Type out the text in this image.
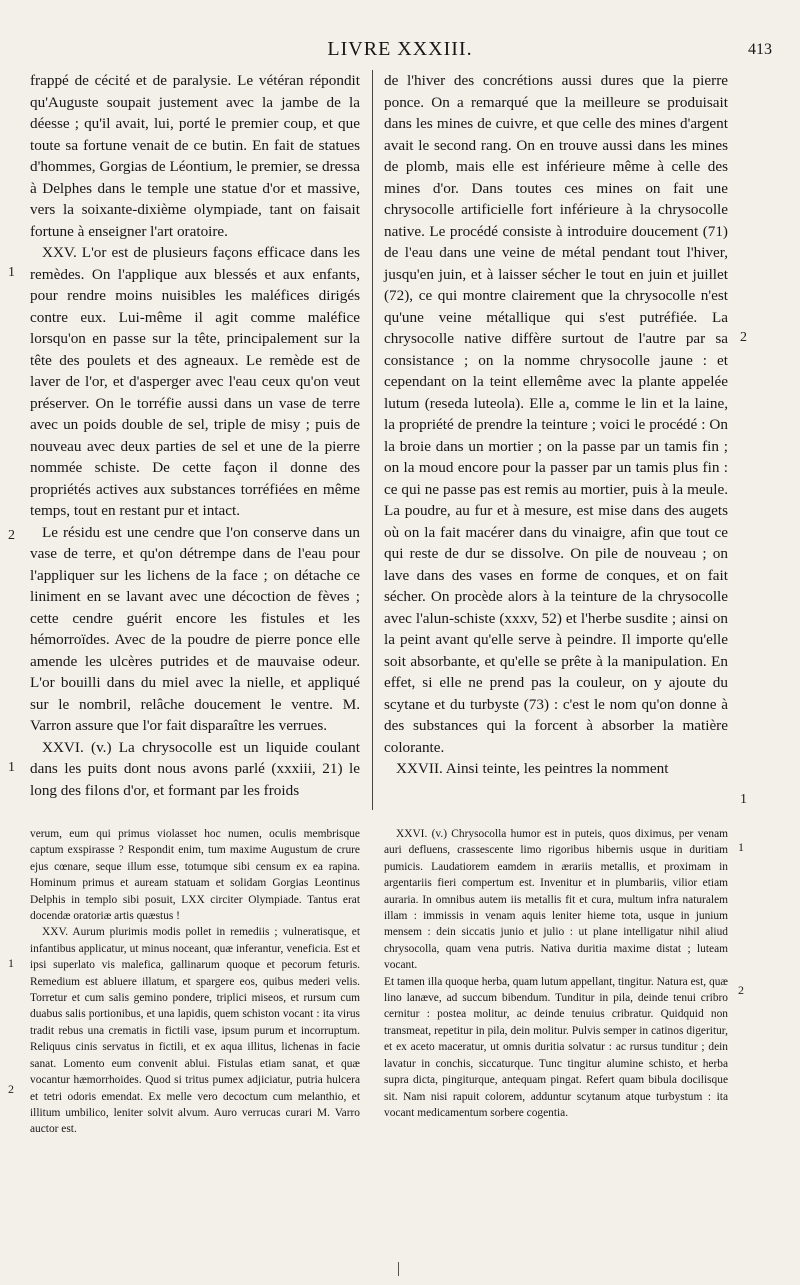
LIVRE XXXIII.	413

frappé de cécité et de paralysie. Le vétéran répondit qu'Auguste soupait justement avec la jambe de la déesse ; qu'il avait, lui, porté le premier coup, et que toute sa fortune venait de ce butin. En fait de statues d'hommes, Gorgias de Léontium, le premier, se dressa à Delphes dans le temple une statue d'or et massive, vers la soixante-dixième olympiade, tant on faisait fortune à enseigner l'art oratoire.

XXV. L'or est de plusieurs façons efficace dans les remèdes. On l'applique aux blessés et aux enfants, pour rendre moins nuisibles les maléfices dirigés contre eux. Lui-même il agit comme maléfice lorsqu'on en passe sur la tête, principalement sur la tête des poulets et des agneaux. Le remède est de laver de l'or, et d'asperger avec l'eau ceux qu'on veut préserver. On le torréfie aussi dans un vase de terre avec un poids double de sel, triple de misy ; puis de nouveau avec deux parties de sel et une de la pierre nommée schiste. De cette façon il donne des propriétés actives aux substances torréfiées en même temps, tout en restant pur et intact.

Le résidu est une cendre que l'on conserve dans un vase de terre, et qu'on détrempe dans de l'eau pour l'appliquer sur les lichens de la face ; on détache ce liniment en se lavant avec une décoction de fèves ; cette cendre guérit encore les fistules et les hémorroïdes. Avec de la poudre de pierre ponce elle amende les ulcères putrides et de mauvaise odeur. L'or bouilli dans du miel avec la nielle, et appliqué sur le nombril, relâche doucement le ventre. M. Varron assure que l'or fait disparaître les verrues.

XXVI. (v.) La chrysocolle est un liquide coulant dans les puits dont nous avons parlé (xxxiii, 21) le long des filons d'or, et formant par les froids

de l'hiver des concrétions aussi dures que la pierre ponce. On a remarqué que la meilleure se produisait dans les mines de cuivre, et que celle des mines d'argent avait le second rang. On en trouve aussi dans les mines de plomb, mais elle est inférieure même à celle des mines d'or. Dans toutes ces mines on fait une chrysocolle artificielle fort inférieure à la chrysocolle native. Le procédé consiste à introduire doucement (71) de l'eau dans une veine de métal pendant tout l'hiver, jusqu'en juin, et à laisser sécher le tout en juin et juillet (72), ce qui montre clairement que la chrysocolle n'est qu'une veine métallique qui s'est putréfiée. La chrysocolle native diffère surtout de l'autre par sa consistance ; on la nomme chrysocolle jaune : et cependant on la teint ellemême avec la plante appelée lutum (reseda luteola). Elle a, comme le lin et la laine, la propriété de prendre la teinture ; voici le procédé : On la broie dans un mortier ; on la passe par un tamis fin ; on la moud encore pour la passer par un tamis plus fin : ce qui ne passe pas est remis au mortier, puis à la meule. La poudre, au fur et à mesure, est mise dans des augets où on la fait macérer dans du vinaigre, afin que tout ce qui reste de dur se dissolve. On pile de nouveau ; on lave dans des vases en forme de conques, et on fait sécher. On procède alors à la teinture de la chrysocolle avec l'alun-schiste (xxxv, 52) et l'herbe susdite ; ainsi on la peint avant qu'elle serve à peindre. Il importe qu'elle soit absorbante, et qu'elle se prête à la manipulation. En effet, si elle ne prend pas la couleur, on y ajoute du scytane et du turbyste (73) : c'est le nom qu'on donne à des substances qui la forcent à absorber la matière colorante.

XXVII. Ainsi teinte, les peintres la nomment

verum, eum qui primus violasset hoc numen, oculis membrisque captum exspirasse ? Respondit enim, tum maxime Augustum de crure ejus cœnare, seque illum esse, totumque sibi censum ex ea rapina. Hominum primus et auream statuam et solidam Gorgias Leontinus Delphis in templo sibi posuit, LXX circiter Olympiade. Tantus erat docendæ oratoriæ artis quæstus !

XXV. Aurum plurimis modis pollet in remediis ; vulneratisque, et infantibus applicatur, ut minus noceant, quæ inferantur, veneficia. Est et ipsi superlato vis malefica, gallinarum quoque et pecorum feturis. Remedium est abluere illatum, et spargere eos, quibus mederi velis. Torretur et cum salis gemino pondere, triplici miseos, et rursum cum duabus salis portionibus, et una lapidis, quem schiston vocant : ita virus tradit rebus una crematis in fictili vase, ipsum purum et incorruptum. Reliquus cinis servatus in fictili, et ex aqua illitus, lichenas in facie sanat. Lomento eum convenit ablui. Fistulas etiam sanat, et quæ vocantur hæmorrhoides. Quod si tritus pumex adjiciatur, putria hulcera et tetri odoris emendat. Ex melle vero decoctum cum melanthio, et illitum umbilico, leniter solvit alvum. Auro verrucas curari M. Varro auctor est.

XXVI. (v.) Chrysocolla humor est in puteis, quos diximus, per venam auri defluens, crassescente limo rigoribus hibernis usque in duritiam pumicis. Laudatiorem eamdem in ærariis metallis, et proximam in argentariis fieri compertum est. Invenitur et in plumbariis, vilior etiam auraria. In omnibus autem iis metallis fit et cura, multum infra naturalem illam : immissis in venam aquis leniter hieme tota, usque in junium mensem : dein siccatis junio et julio : ut plane intelligatur nihil aliud chrysocolla, quam vena putris. Nativa duritia maxime distat ; luteam vocant.

Et tamen illa quoque herba, quam lutum appellant, tingitur. Natura est, quæ lino lanæve, ad succum bibendum. Tunditur in pila, deinde tenui cribro cernitur : postea molitur, ac deinde tenuius cribratur. Quidquid non transmeat, repetitur in pila, dein molitur. Pulvis semper in catinos digeritur, et ex aceto maceratur, ut omnis duritia solvatur : ac rursus tunditur ; dein lavatur in conchis, siccaturque. Tunc tingitur alumine schisto, et herba supra dicta, pingiturque, antequam pingat. Refert quam bibula docilisque sit. Nam nisi rapuit colorem, adduntur scytanum atque turbystum : ita vocant medicamentum sorbere cogentia.

1
2
1
2
1
1
2
1
2
